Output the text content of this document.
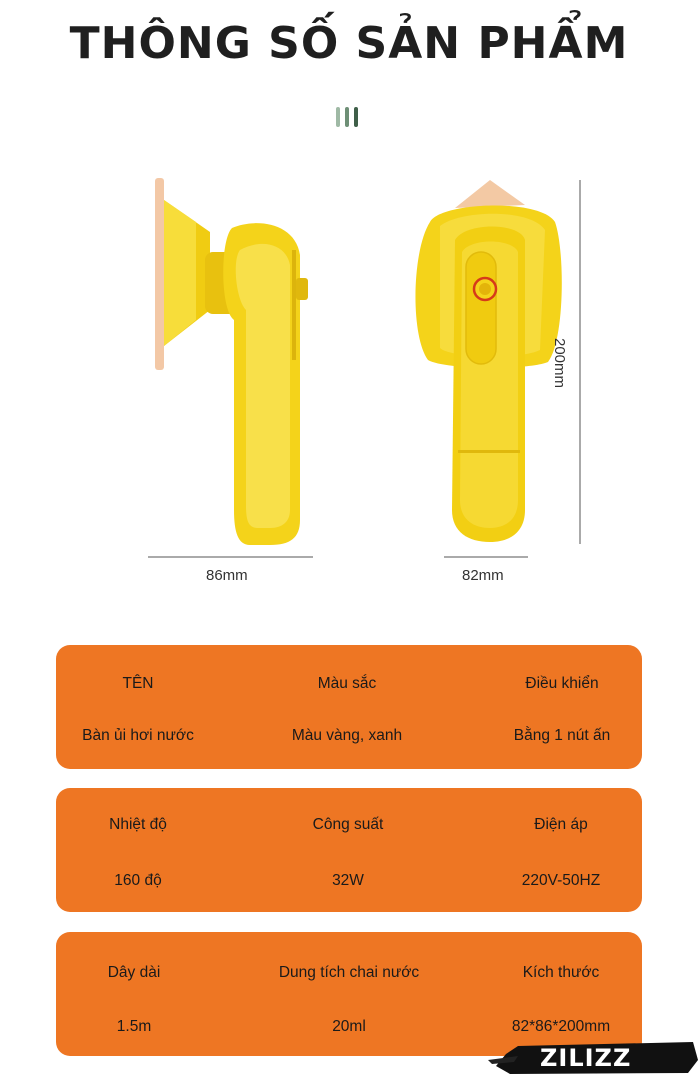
THÔNG SỐ SẢN PHẨM
86mm	82mm
200mm
TÊN	Màu sắc	Điều khiển
Bàn ủi hơi nước	Màu vàng, xanh	Bằng 1 nút ấn
Nhiệt độ	Công suất	Điện áp
160 độ	32W	220V-50HZ
Dây dài	Dung tích chai nước	Kích thước
1.5m	20ml	82*86*200mm
ZILIZZ
